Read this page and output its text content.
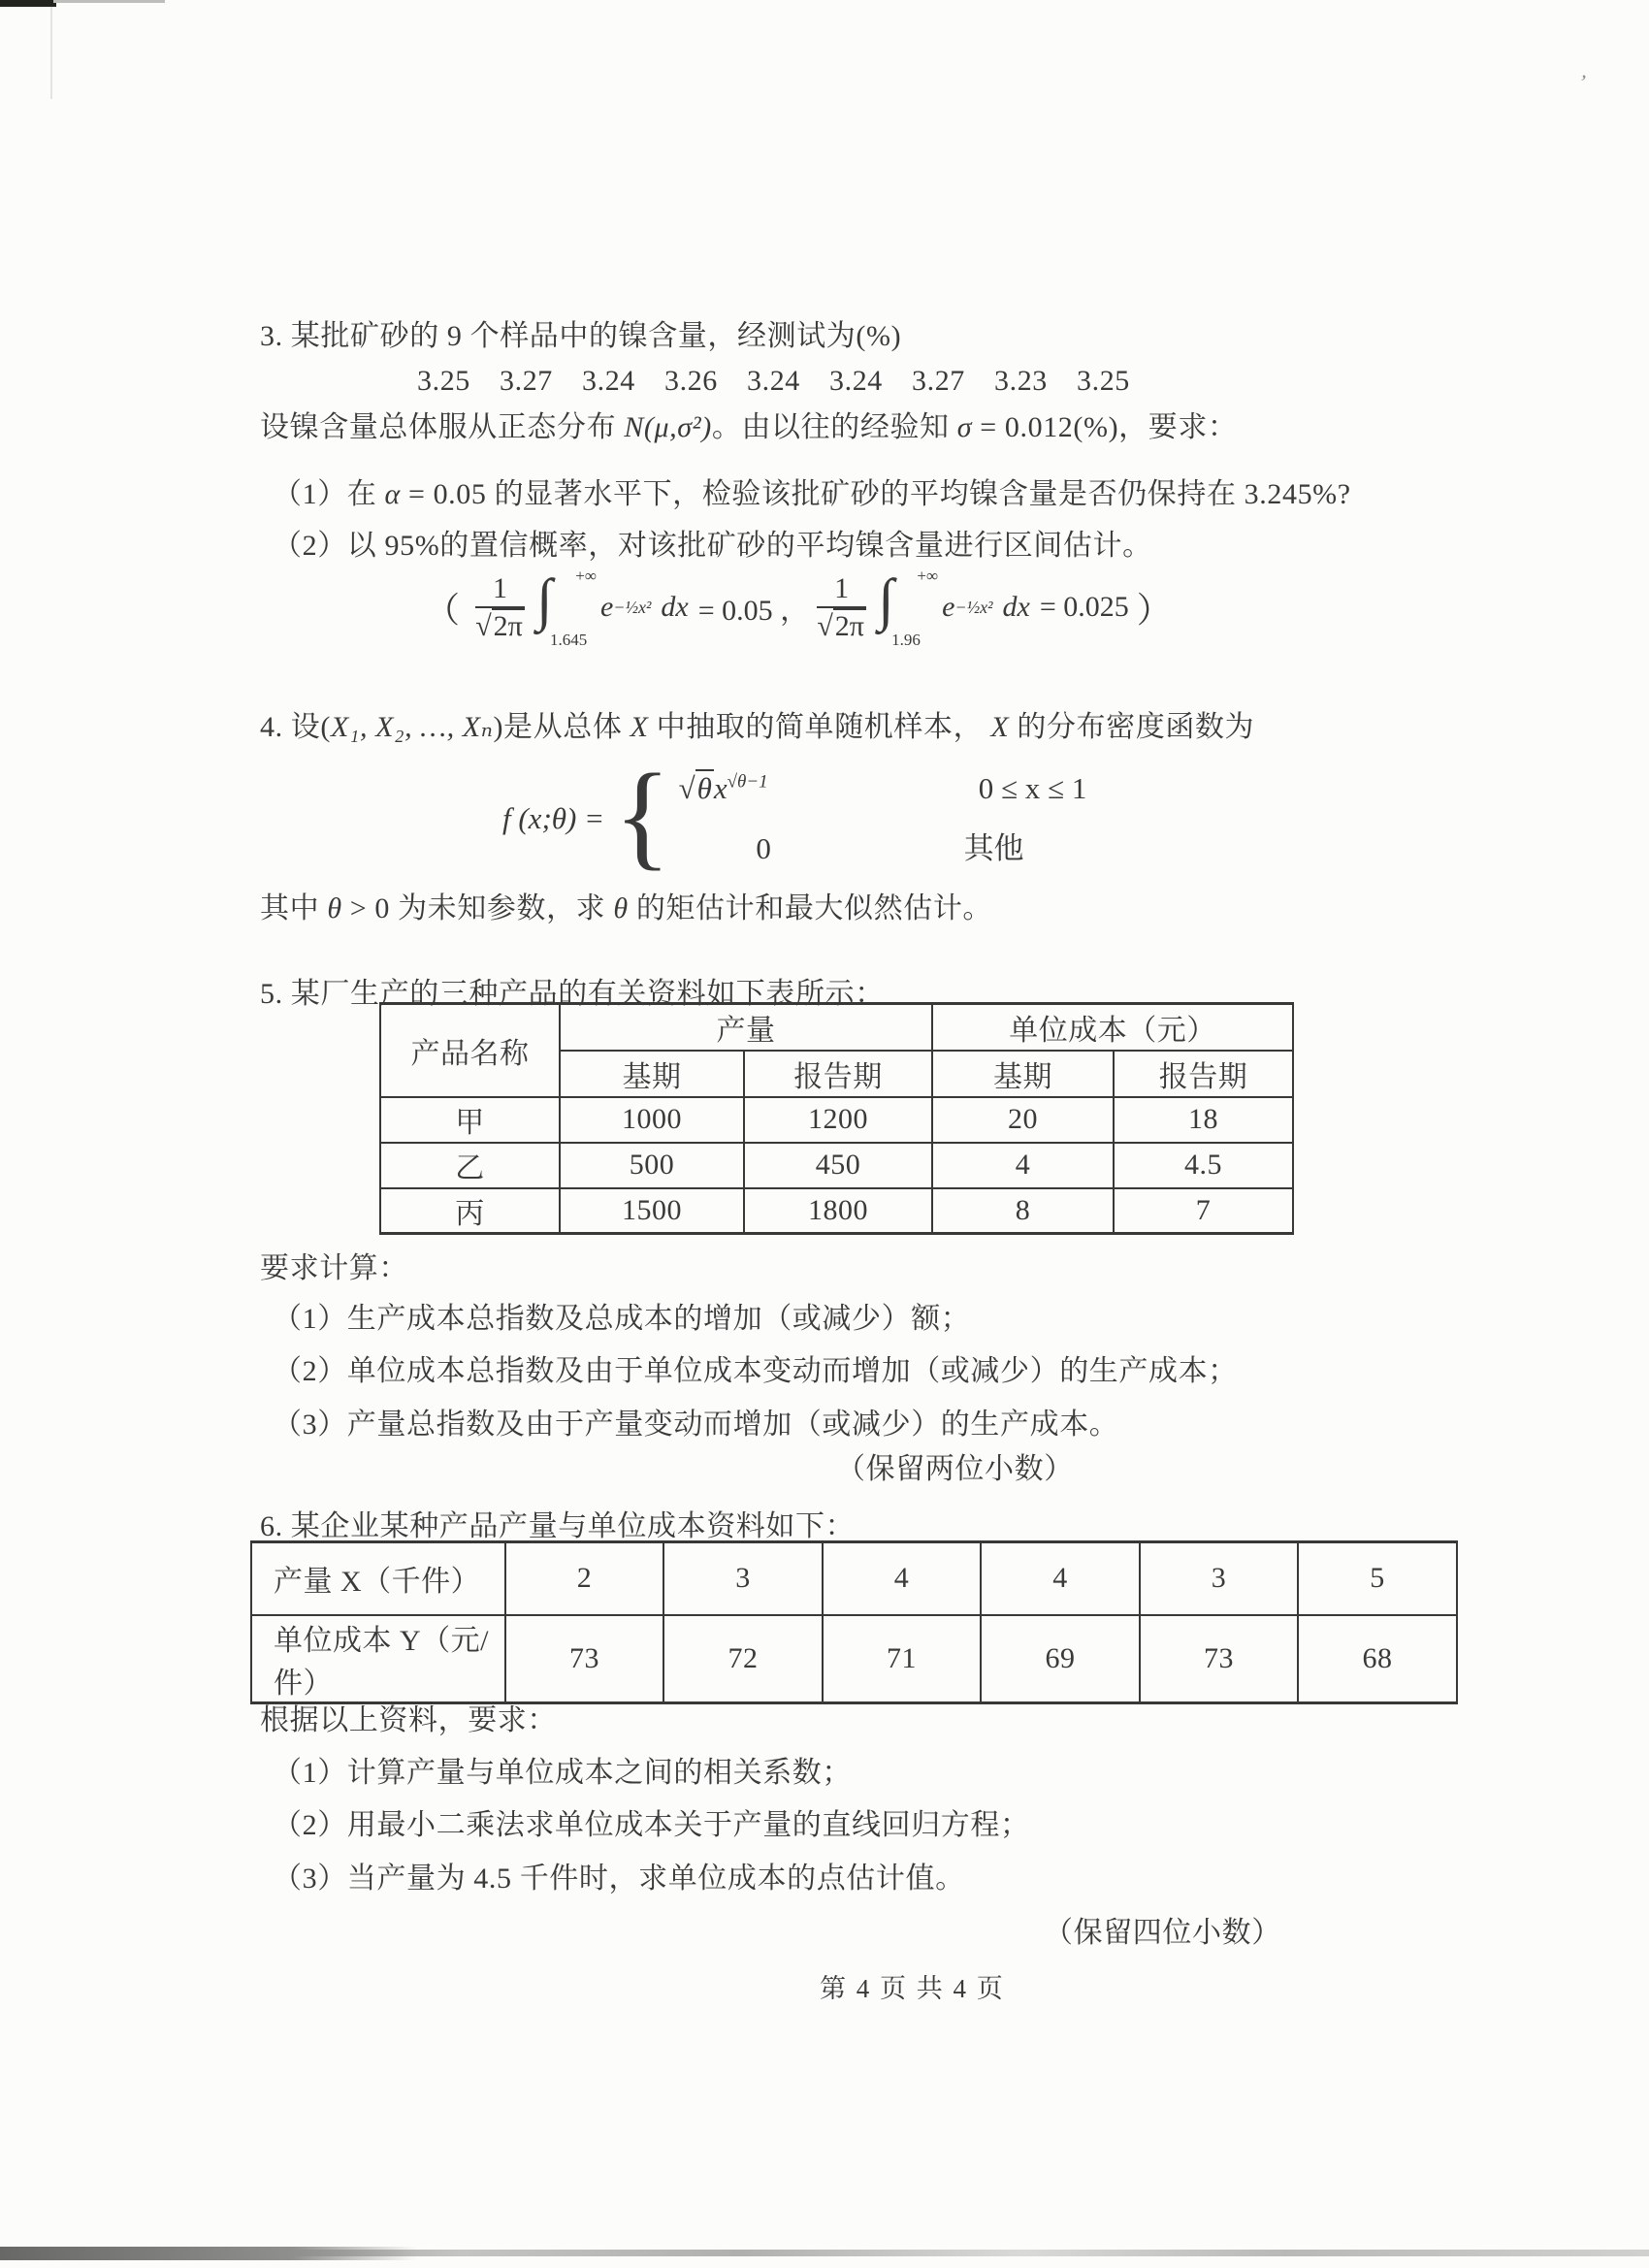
’
3. 某批矿砂的 9 个样品中的镍含量，经测试为(%)
3.25 3.27 3.24 3.26 3.24 3.24 3.27 3.23 3.25
设镍含量总体服从正态分布 N(μ,σ²)。由以往的经验知 σ = 0.012(%)，要求：
（1）在 α = 0.05 的显著水平下，检验该批矿砂的平均镍含量是否仍保持在 3.245%?
（2）以 95%的置信概率，对该批矿砂的平均镍含量进行区间估计。
（ $\frac{1}{√2\pi}$ ∫ +∞
1.645
e −½x² dx = 0.05 ， $\frac{1}{√2\pi}$ ∫ +∞
1.96
e −½x² dx = 0.025 ）
4. 设(X₁, X₂, …, Xₙ)是从总体 X 中抽取的简单随机样本， X 的分布密度函数为
f (x;θ) = { $√\theta x^{√\theta-1}$	0 ≤ x ≤ 1
0	其他
其中 θ > 0 为未知参数，求 θ 的矩估计和最大似然估计。
5. 某厂生产的三种产品的有关资料如下表所示：
产品名称	产量		单位成本（元）	
	基期	报告期	基期	报告期
甲	1000	1200	20	18
乙	500	450	4	4.5
丙	1500	1800	8	7
要求计算：
（1）生产成本总指数及总成本的增加（或减少）额；
（2）单位成本总指数及由于单位成本变动而增加（或减少）的生产成本；
（3）产量总指数及由于产量变动而增加（或减少）的生产成本。
（保留两位小数）
6. 某企业某种产品产量与单位成本资料如下：
产量 X（千件）	2	3	4	4	3	5
单位成本 Y（元/件）	73	72	71	69	73	68
根据以上资料，要求：
（1）计算产量与单位成本之间的相关系数；
（2）用最小二乘法求单位成本关于产量的直线回归方程；
（3）当产量为 4.5 千件时，求单位成本的点估计值。
（保留四位小数）
第 4 页 共 4 页
